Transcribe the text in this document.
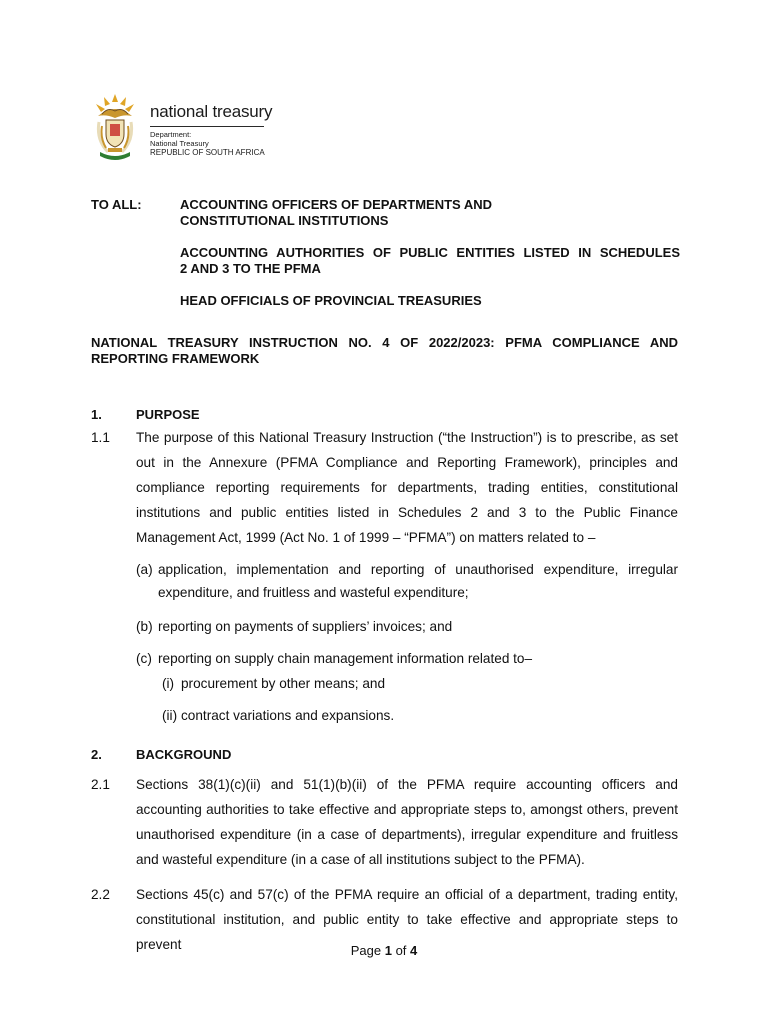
national treasury
Department:
National Treasury
REPUBLIC OF SOUTH AFRICA
TO ALL:	ACCOUNTING OFFICERS OF DEPARTMENTS AND
CONSTITUTIONAL INSTITUTIONS
ACCOUNTING AUTHORITIES OF PUBLIC ENTITIES LISTED IN SCHEDULES
2 AND 3 TO THE PFMA
HEAD OFFICIALS OF PROVINCIAL TREASURIES
NATIONAL TREASURY INSTRUCTION NO. 4 OF 2022/2023: PFMA COMPLIANCE AND
REPORTING FRAMEWORK
1.	PURPOSE
1.1 The purpose of this National Treasury Instruction (“the Instruction”) is to prescribe, as set out in the Annexure (PFMA Compliance and Reporting Framework), principles and compliance reporting requirements for departments, trading entities, constitutional institutions and public entities listed in Schedules 2 and 3 to the Public Finance Management Act, 1999 (Act No. 1 of 1999 – “PFMA”) on matters related to –
(a) application, implementation and reporting of unauthorised expenditure, irregular
expenditure, and fruitless and wasteful expenditure;
(b) reporting on payments of suppliers’ invoices; and
(c) reporting on supply chain management information related to–
(i) procurement by other means; and
(ii) contract variations and expansions.
2.	BACKGROUND
2.1 Sections 38(1)(c)(ii) and 51(1)(b)(ii) of the PFMA require accounting officers and accounting authorities to take effective and appropriate steps to, amongst others, prevent unauthorised expenditure (in a case of departments), irregular expenditure and fruitless and wasteful expenditure (in a case of all institutions subject to the PFMA).
2.2 Sections 45(c) and 57(c) of the PFMA require an official of a department, trading entity, constitutional institution, and public entity to take effective and appropriate steps to prevent	Page 1 of 4
